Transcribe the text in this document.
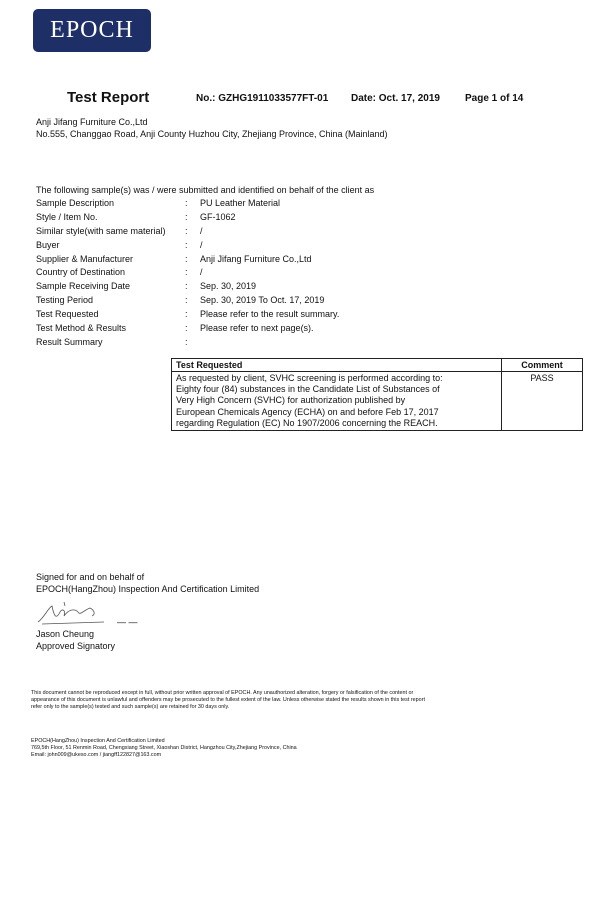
EPOCH
Test Report	No.: GZHG1911033577FT-01 Date: Oct. 17, 2019	Page 1 of 14
Anji Jifang Furniture Co.,Ltd
No.555, Changgao Road, Anji County Huzhou City, Zhejiang Province, China (Mainland)
The following sample(s) was / were submitted and identified on behalf of the client as
Sample Description	: PU Leather Material
Style / Item No.	: GF-1062
Similar style(with same material) : /
Buyer	: /
Supplier & Manufacturer	: Anji Jifang Furniture Co.,Ltd
Country of Destination	: /
Sample Receiving Date	: Sep. 30, 2019
Testing Period	: Sep. 30, 2019 To Oct. 17, 2019
Test Requested	: Please refer to the result summary.
Test Method & Results	: Please refer to next page(s).
Result Summary	:
Test Requested	Comment

As requested by client, SVHC screening is performed according to:
Eighty four (84) substances in the Candidate List of Substances of
Very High Concern (SVHC) for authorization published by
European Chemicals Agency (ECHA) on and before Feb 17, 2017
regarding Regulation (EC) No 1907/2006 concerning the REACH.	PASS
Signed for and on behalf of
EPOCH(HangZhou) Inspection And Certification Limited
— —
Jason Cheung
Approved Signatory
This document cannot be reproduced except in full, without prior written approval of EPOCH. Any unauthorized alteration, forgery or falsification of the content or
appearance of this document is unlawful and offenders may be prosecuted to the fullest extent of the law. Unless otherwise stated the results shown in this test report
refer only to the sample(s) tested and such sample(s) are retained for 30 days only.
EPOCH(HangZhou) Inspection And Certification Limited
769,5th Floor, 51 Renmin Road, Chengxiang Street, Xiaoshan District, Hangzhou City,Zhejiang Province, China
Email: john009@ukeso.com / jiangff122827@163.com
